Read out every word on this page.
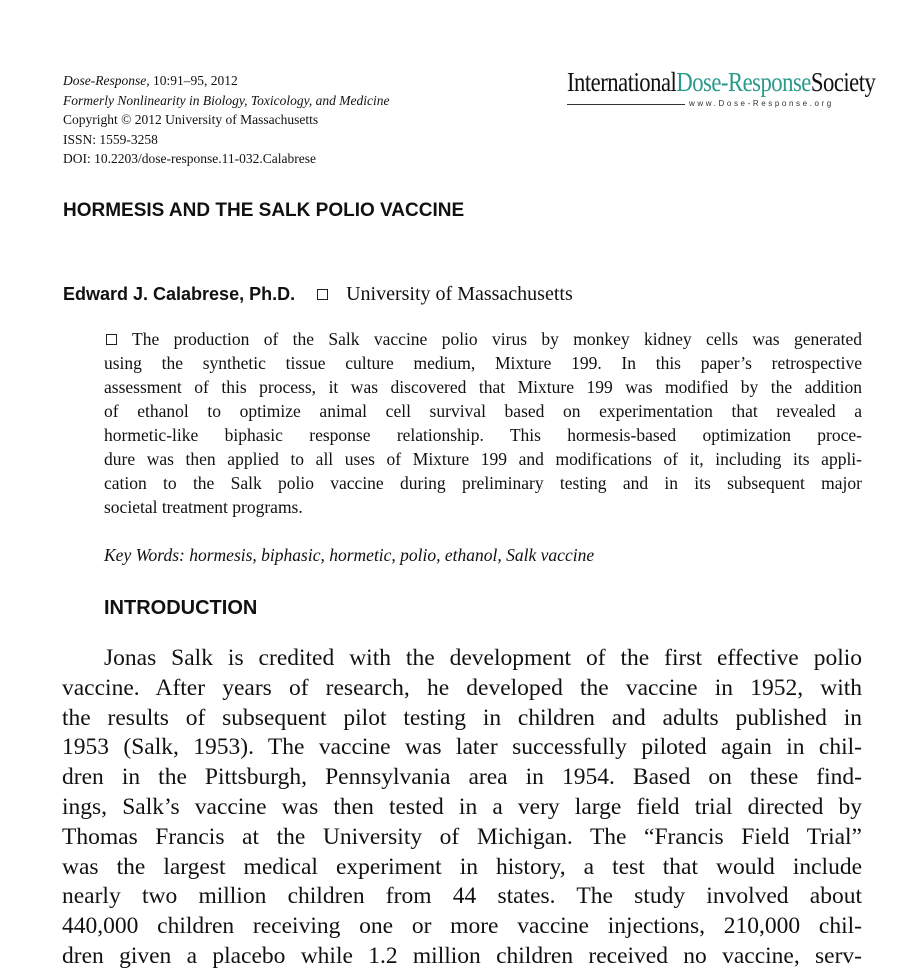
Dose-Response, 10:91–95, 2012
Formerly Nonlinearity in Biology, Toxicology, and Medicine
Copyright © 2012 University of Massachusetts
ISSN: 1559-3258
DOI: 10.2203/dose-response.11-032.Calabrese
InternationalDose-ResponseSociety
www.Dose-Response.org
HORMESIS AND THE SALK POLIO VACCINE
Edward J. Calabrese, Ph.D.	University of Massachusetts
The production of the Salk vaccine polio virus by monkey kidney cells was generated
using the synthetic tissue culture medium, Mixture 199. In this paper’s retrospective
assessment of this process, it was discovered that Mixture 199 was modified by the addition
of ethanol to optimize animal cell survival based on experimentation that revealed a
hormetic-like biphasic response relationship. This hormesis-based optimization proce-
dure was then applied to all uses of Mixture 199 and modifications of it, including its appli-
cation to the Salk polio vaccine during preliminary testing and in its subsequent major
societal treatment programs.
Key Words: hormesis, biphasic, hormetic, polio, ethanol, Salk vaccine
INTRODUCTION
Jonas Salk is credited with the development of the first effective polio
vaccine. After years of research, he developed the vaccine in 1952, with
the results of subsequent pilot testing in children and adults published in
1953 (Salk, 1953). The vaccine was later successfully piloted again in chil-
dren in the Pittsburgh, Pennsylvania area in 1954. Based on these find-
ings, Salk’s vaccine was then tested in a very large field trial directed by
Thomas Francis at the University of Michigan. The “Francis Field Trial”
was the largest medical experiment in history, a test that would include
nearly two million children from 44 states. The study involved about
440,000 children receiving one or more vaccine injections, 210,000 chil-
dren given a placebo while 1.2 million children received no vaccine, serv-
